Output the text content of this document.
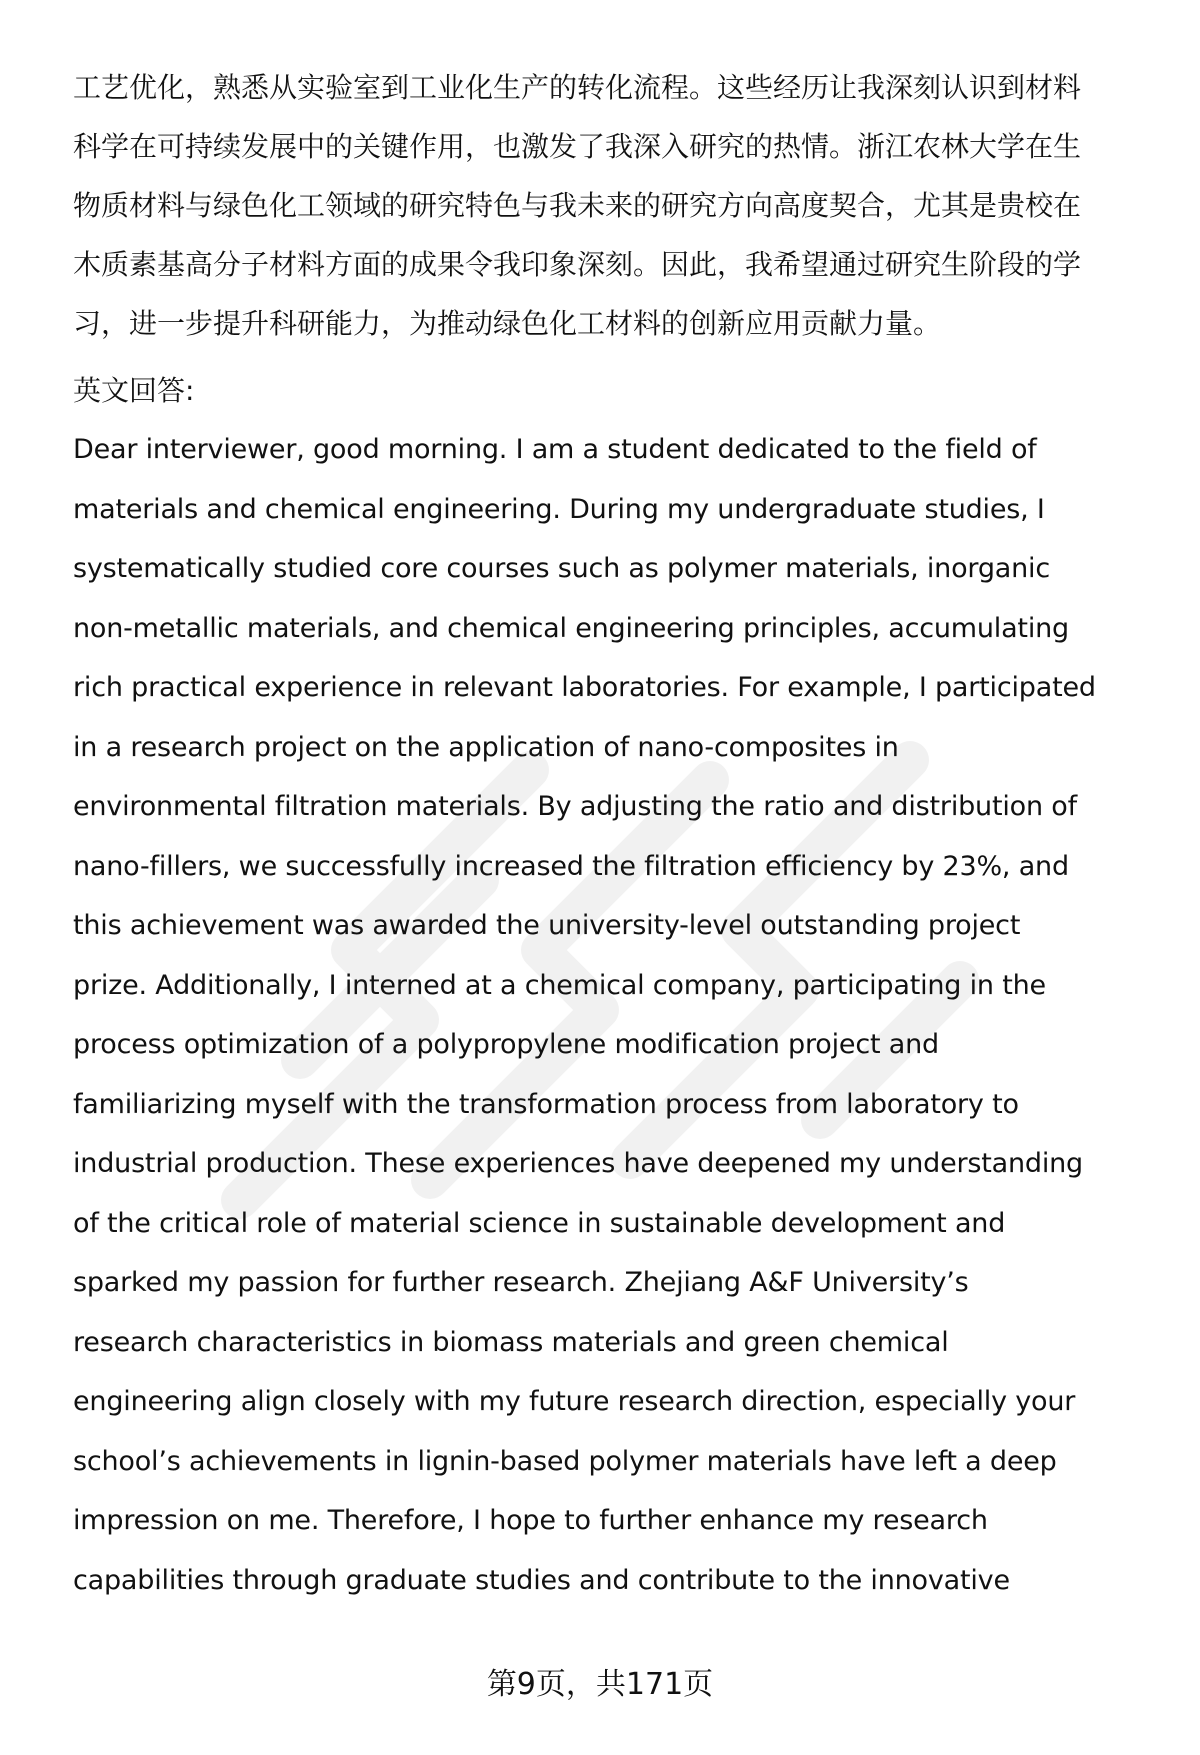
工艺优化，熟悉从实验室到工业化生产的转化流程。这些经历让我深刻认识到材料
科学在可持续发展中的关键作用，也激发了我深入研究的热情。浙江农林大学在生
物质材料与绿色化工领域的研究特色与我未来的研究方向高度契合，尤其是贵校在
木质素基高分子材料方面的成果令我印象深刻。因此，我希望通过研究生阶段的学
习，进一步提升科研能力，为推动绿色化工材料的创新应用贡献力量。
英文回答:
Dear interviewer, good morning. I am a student dedicated to the field of
materials and chemical engineering. During my undergraduate studies, I
systematically studied core courses such as polymer materials, inorganic
non-metallic materials, and chemical engineering principles, accumulating
rich practical experience in relevant laboratories. For example, I participated
in a research project on the application of nano-composites in
environmental filtration materials. By adjusting the ratio and distribution of
nano-fillers, we successfully increased the filtration efficiency by 23%, and
this achievement was awarded the university-level outstanding project
prize. Additionally, I interned at a chemical company, participating in the
process optimization of a polypropylene modification project and
familiarizing myself with the transformation process from laboratory to
industrial production. These experiences have deepened my understanding
of the critical role of material science in sustainable development and
sparked my passion for further research. Zhejiang A&F University’s
research characteristics in biomass materials and green chemical
engineering align closely with my future research direction, especially your
school’s achievements in lignin-based polymer materials have left a deep
impression on me. Therefore, I hope to further enhance my research
capabilities through graduate studies and contribute to the innovative
第9页，共171页
